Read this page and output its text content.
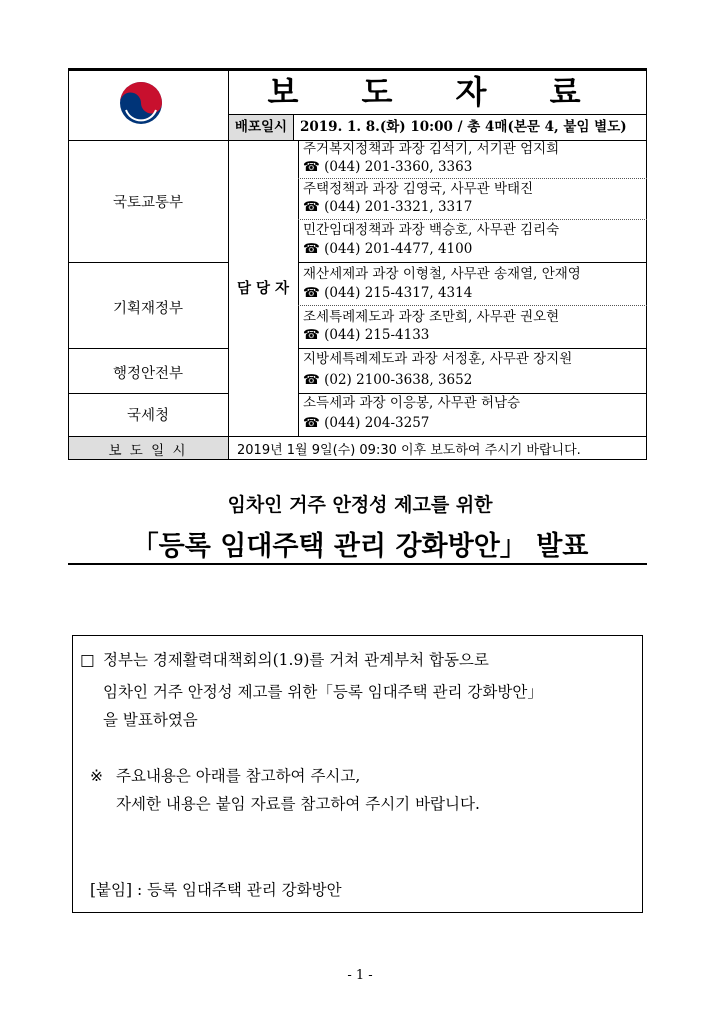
보 도 자 료
배포일시 2019. 1. 8.(화) 10:00 / 총 4매(본문 4, 붙임 별도)
국토교통부
기획재정부
행정안전부
국세청
담 당 자
주거복지정책과 과장 김석기, 서기관 엄지희
☎ (044) 201-3360, 3363
주택정책과 과장 김영국, 사무관 박태진
☎ (044) 201-3321, 3317
민간임대정책과 과장 백승호, 사무관 김리숙
☎ (044) 201-4477, 4100
재산세제과 과장 이형철, 사무관 송재열, 안재영
☎ (044) 215-4317, 4314
조세특례제도과 과장 조만희, 사무관 권오현
☎ (044) 215-4133
지방세특례제도과 과장 서정훈, 사무관 장지원
☎ (02) 2100-3638, 3652
소득세과 과장 이응봉, 사무관 허남승
☎ (044) 204-3257
보 도 일 시	2019년 1월 9일(수) 09:30 이후 보도하여 주시기 바랍니다.
임차인 거주 안정성 제고를 위한
「등록 임대주택 관리 강화방안」 발표
□ 정부는 경제활력대책회의(1.9)를 거쳐 관계부처 합동으로
임차인 거주 안정성 제고를 위한「등록 임대주택 관리 강화방안」
을 발표하였음
※ 주요내용은 아래를 참고하여 주시고,
자세한 내용은 붙임 자료를 참고하여 주시기 바랍니다.
[붙임] : 등록 임대주택 관리 강화방안
- 1 -
